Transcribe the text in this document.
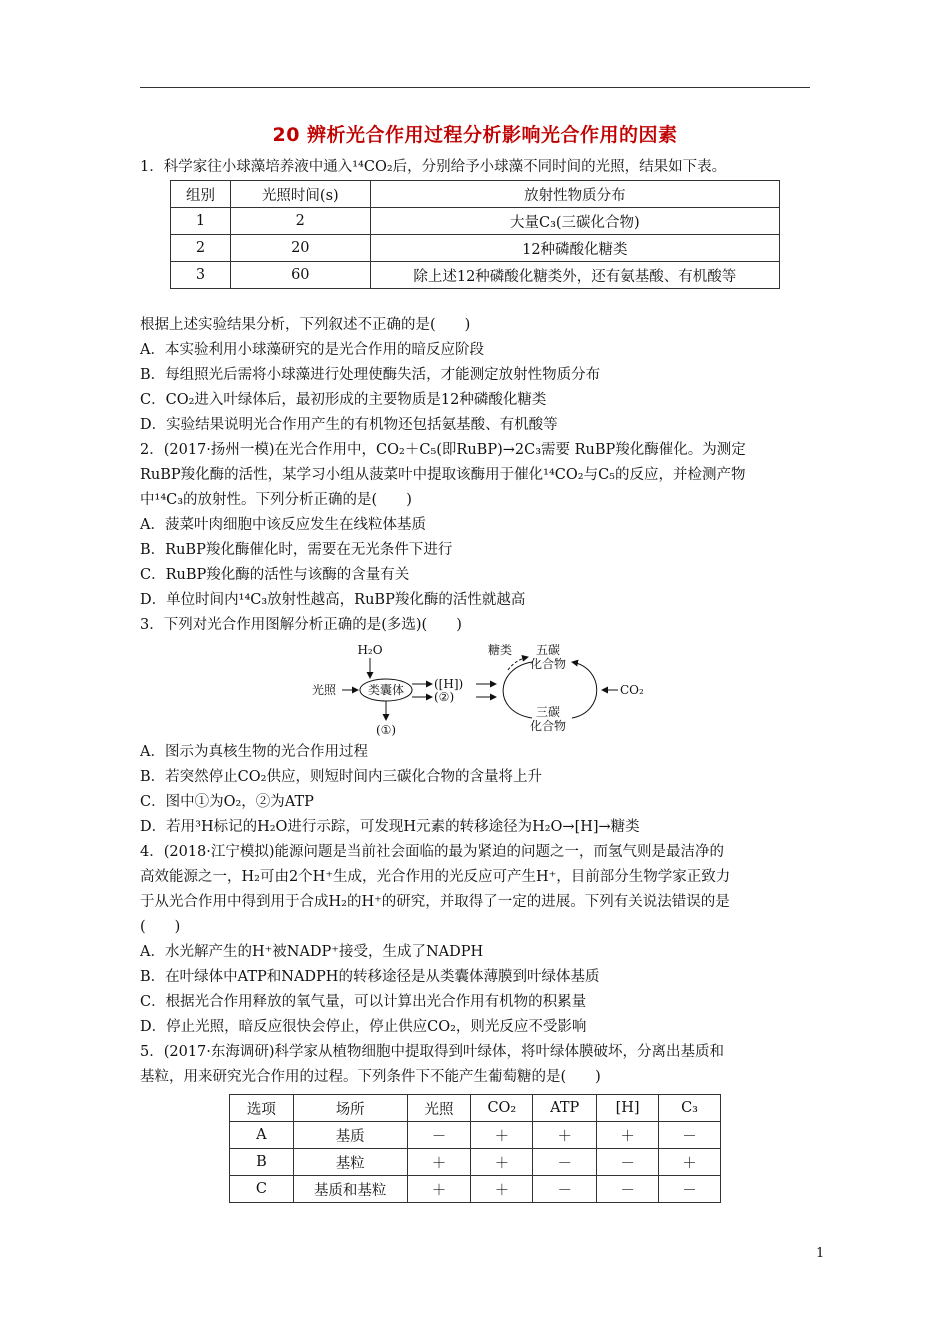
20 辨析光合作用过程分析影响光合作用的因素
1．科学家往小球藻培养液中通入¹⁴CO₂后，分别给予小球藻不同时间的光照，结果如下表。
组别	光照时间(s)	放射性物质分布
1	2	大量C₃(三碳化合物)
2	20	12种磷酸化糖类
3	60	除上述12种磷酸化糖类外，还有氨基酸、有机酸等
根据上述实验结果分析，下列叙述不正确的是(　　)
A．本实验利用小球藻研究的是光合作用的暗反应阶段
B．每组照光后需将小球藻进行处理使酶失活，才能测定放射性物质分布
C．CO₂进入叶绿体后，最初形成的主要物质是12种磷酸化糖类
D．实验结果说明光合作用产生的有机物还包括氨基酸、有机酸等
2．(2017·扬州一模)在光合作用中，CO₂＋C₅(即RuBP)→2C₃需要 RuBP羧化酶催化。为测定
RuBP羧化酶的活性，某学习小组从菠菜叶中提取该酶用于催化¹⁴CO₂与C₅的反应，并检测产物
中¹⁴C₃的放射性。下列分析正确的是(　　)
A．菠菜叶肉细胞中该反应发生在线粒体基质
B．RuBP羧化酶催化时，需要在无光条件下进行
C．RuBP羧化酶的活性与该酶的含量有关
D．单位时间内¹⁴C₃放射性越高，RuBP羧化酶的活性就越高
3．下列对光合作用图解分析正确的是(多选)(　　)
H₂O
光照	类囊体 ([H])
(②)
(①)
糖类 五碳
化合物
三碳
化合物
CO₂
A．图示为真核生物的光合作用过程
B．若突然停止CO₂供应，则短时间内三碳化合物的含量将上升
C．图中①为O₂，②为ATP
D．若用³H标记的H₂O进行示踪，可发现H元素的转移途径为H₂O→[H]→糖类
4．(2018·江宁模拟)能源问题是当前社会面临的最为紧迫的问题之一，而氢气则是最洁净的
高效能源之一，H₂可由2个H⁺生成，光合作用的光反应可产生H⁺，目前部分生物学家正致力
于从光合作用中得到用于合成H₂的H⁺的研究，并取得了一定的进展。下列有关说法错误的是
(　　)
A．水光解产生的H⁺被NADP⁺接受，生成了NADPH
B．在叶绿体中ATP和NADPH的转移途径是从类囊体薄膜到叶绿体基质
C．根据光合作用释放的氧气量，可以计算出光合作用有机物的积累量
D．停止光照，暗反应很快会停止，停止供应CO₂，则光反应不受影响
5．(2017·东海调研)科学家从植物细胞中提取得到叶绿体，将叶绿体膜破坏，分离出基质和
基粒，用来研究光合作用的过程。下列条件下不能产生葡萄糖的是(　　)
选项	场所	光照	CO₂	ATP	[H]	C₃
A	基质	－	＋	＋	＋	－
B	基粒	＋	＋	－	－	＋
C	基质和基粒	＋	＋	－	－	－
1
